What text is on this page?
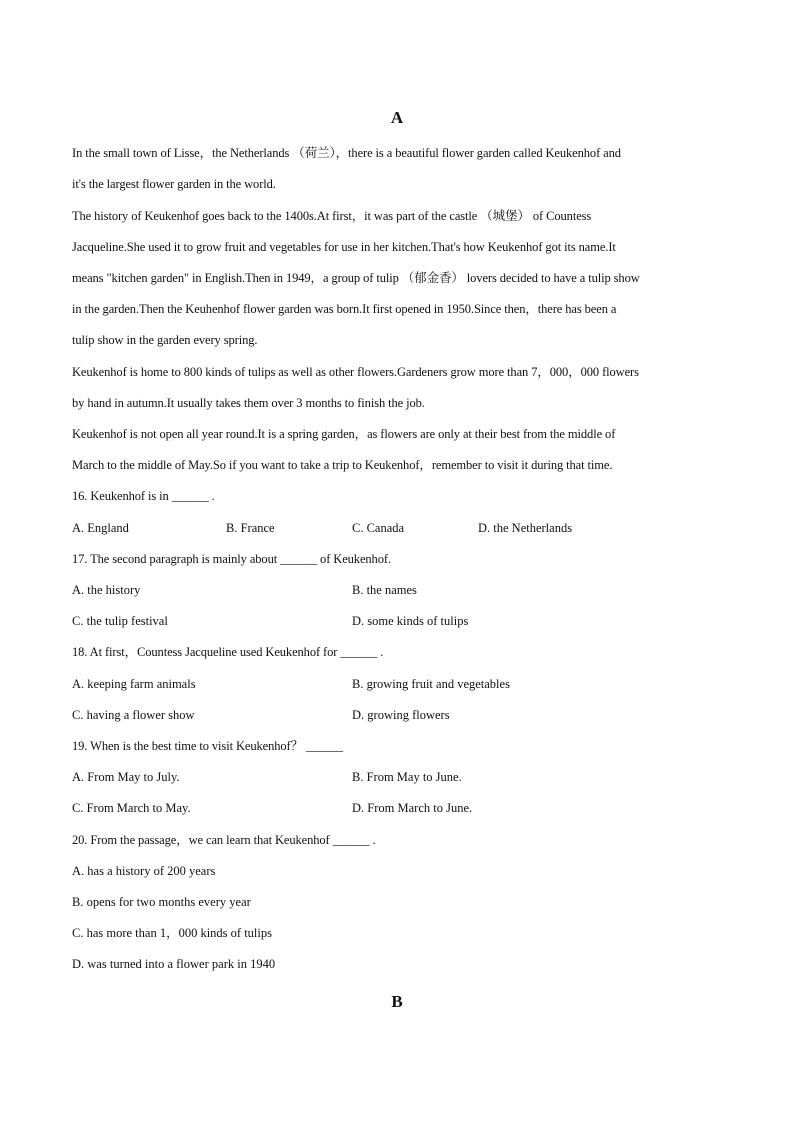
A
In the small town of Lisse，the Netherlands （荷兰），there is a beautiful flower garden called Keukenhof and
it's the largest flower garden in the world.
The history of Keukenhof goes back to the 1400s.At first，it was part of the castle （城堡） of Countess
Jacqueline.She used it to grow fruit and vegetables for use in her kitchen.That's how Keukenhof got its name.It
means "kitchen garden" in English.Then in 1949，a group of tulip （郁金香） lovers decided to have a tulip show
in the garden.Then the Keuhenhof flower garden was born.It first opened in 1950.Since then，there has been a
tulip show in the garden every spring.
Keukenhof is home to 800 kinds of tulips as well as other flowers.Gardeners grow more than 7，000，000 flowers
by hand in autumn.It usually takes them over 3 months to finish the job.
Keukenhof is not open all year round.It is a spring garden，as flowers are only at their best from the middle of
March to the middle of May.So if you want to take a trip to Keukenhof，remember to visit it during that time.
16. Keukenhof is in ______ .
A. England	B. France	C. Canada	D. the Netherlands
17. The second paragraph is mainly about ______ of Keukenhof.
A. the history	B. the names
C. the tulip festival	D. some kinds of tulips
18. At first，Countess Jacqueline used Keukenhof for ______ .
A. keeping farm animals	B. growing fruit and vegetables
C. having a flower show	D. growing flowers
19. When is the best time to visit Keukenhof？ ______
A. From May to July.	B. From May to June.
C. From March to May.	D. From March to June.
20. From the passage，we can learn that Keukenhof ______ .
A. has a history of 200 years
B. opens for two months every year
C. has more than 1，000 kinds of tulips
D. was turned into a flower park in 1940
B
